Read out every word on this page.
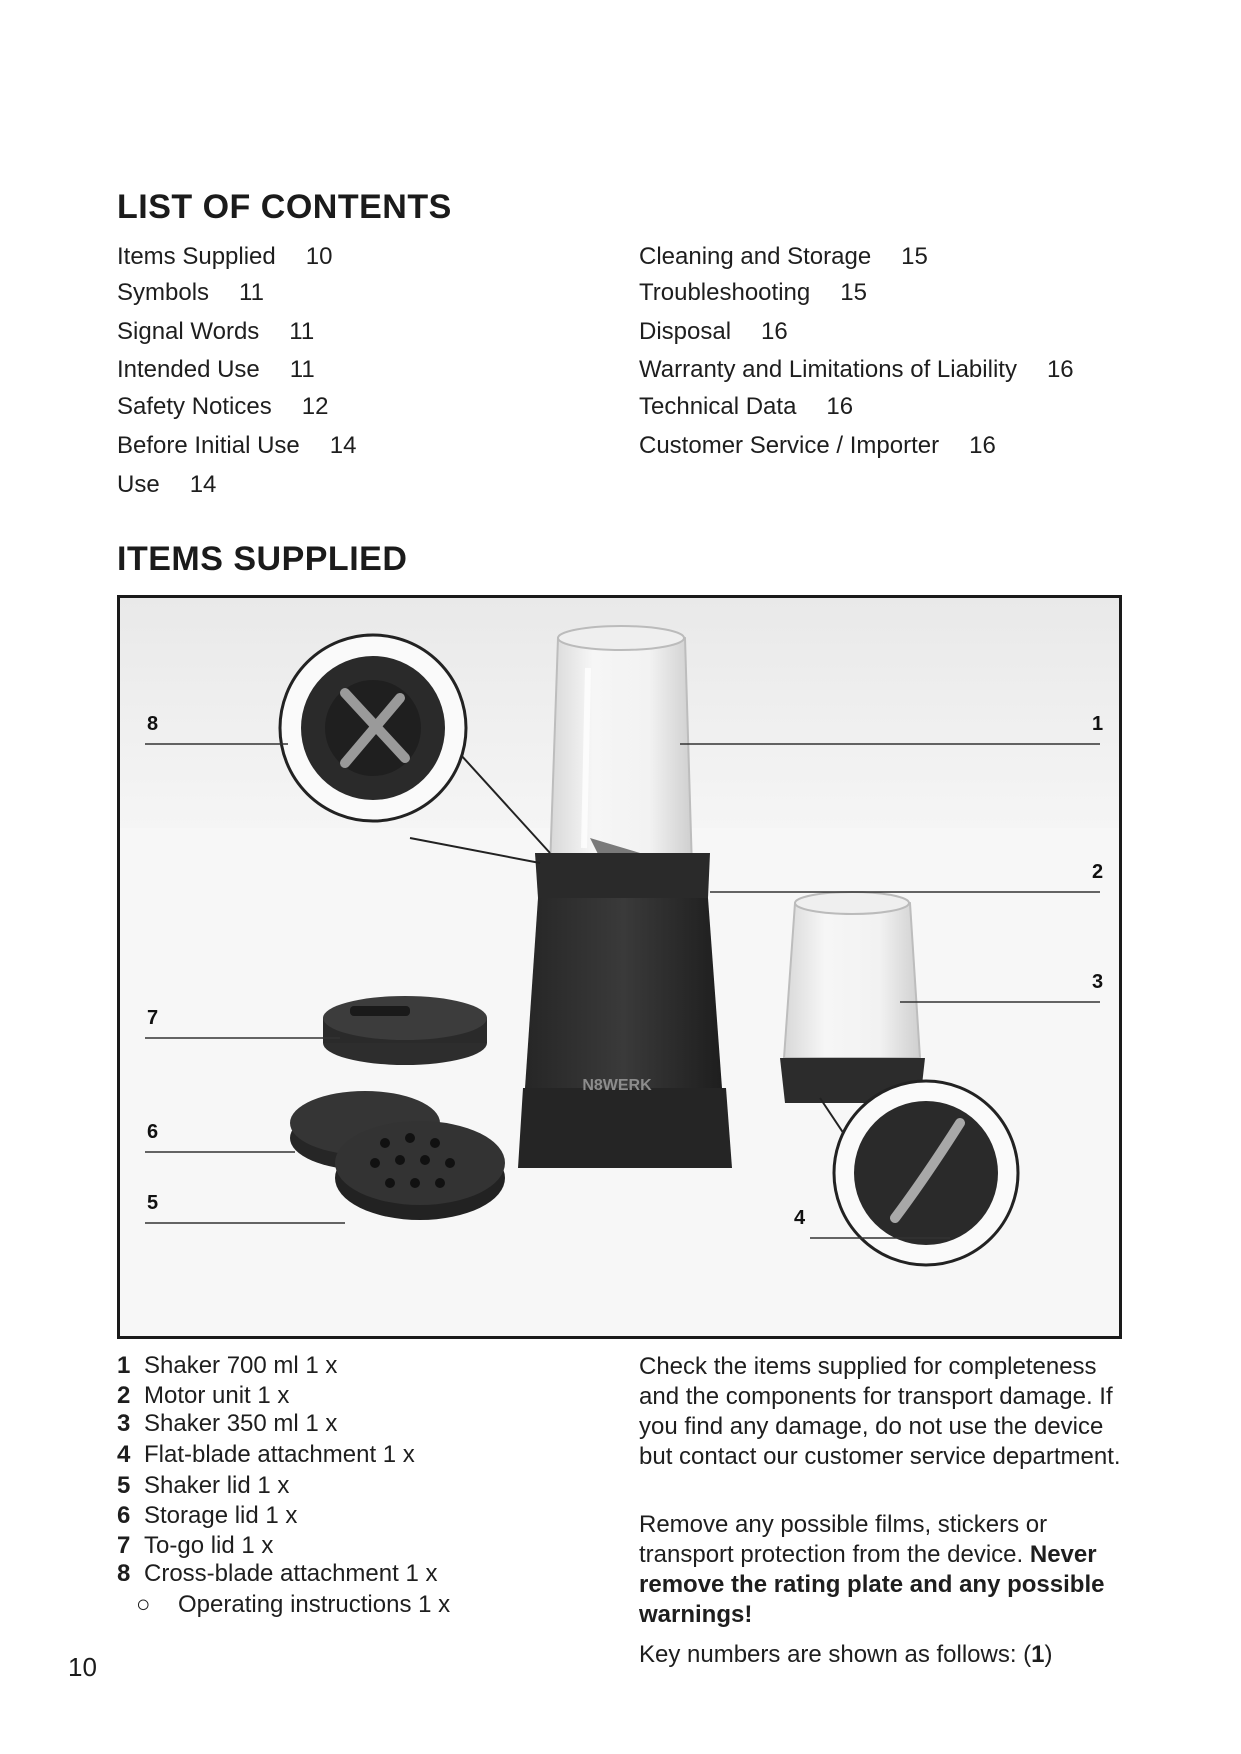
LIST OF CONTENTS
Items Supplied 10
Symbols 11
Signal Words 11
Intended Use 11
Safety Notices 12
Before Initial Use 14
Use 14
Cleaning and Storage 15
Troubleshooting 15
Disposal 16
Warranty and Limitations of Liability 16
Technical Data 16
Customer Service / Importer 16
ITEMS SUPPLIED
N8WERK
8	1
2
3
7
6
5
4
1 Shaker 700 ml 1 x
2 Motor unit 1 x
3 Shaker 350 ml 1 x
4 Flat-blade attachment 1 x
5 Shaker lid 1 x
6 Storage lid 1 x
7 To-go lid 1 x
8 Cross-blade attachment 1 x
○ Operating instructions 1 x
Check the items supplied for completeness and the components for transport damage. If you find any damage, do not use the device but contact our customer service department.
Remove any possible films, stickers or transport protection from the device. Never remove the rating plate and any possible warnings!
Key numbers are shown as follows: (1)
10
